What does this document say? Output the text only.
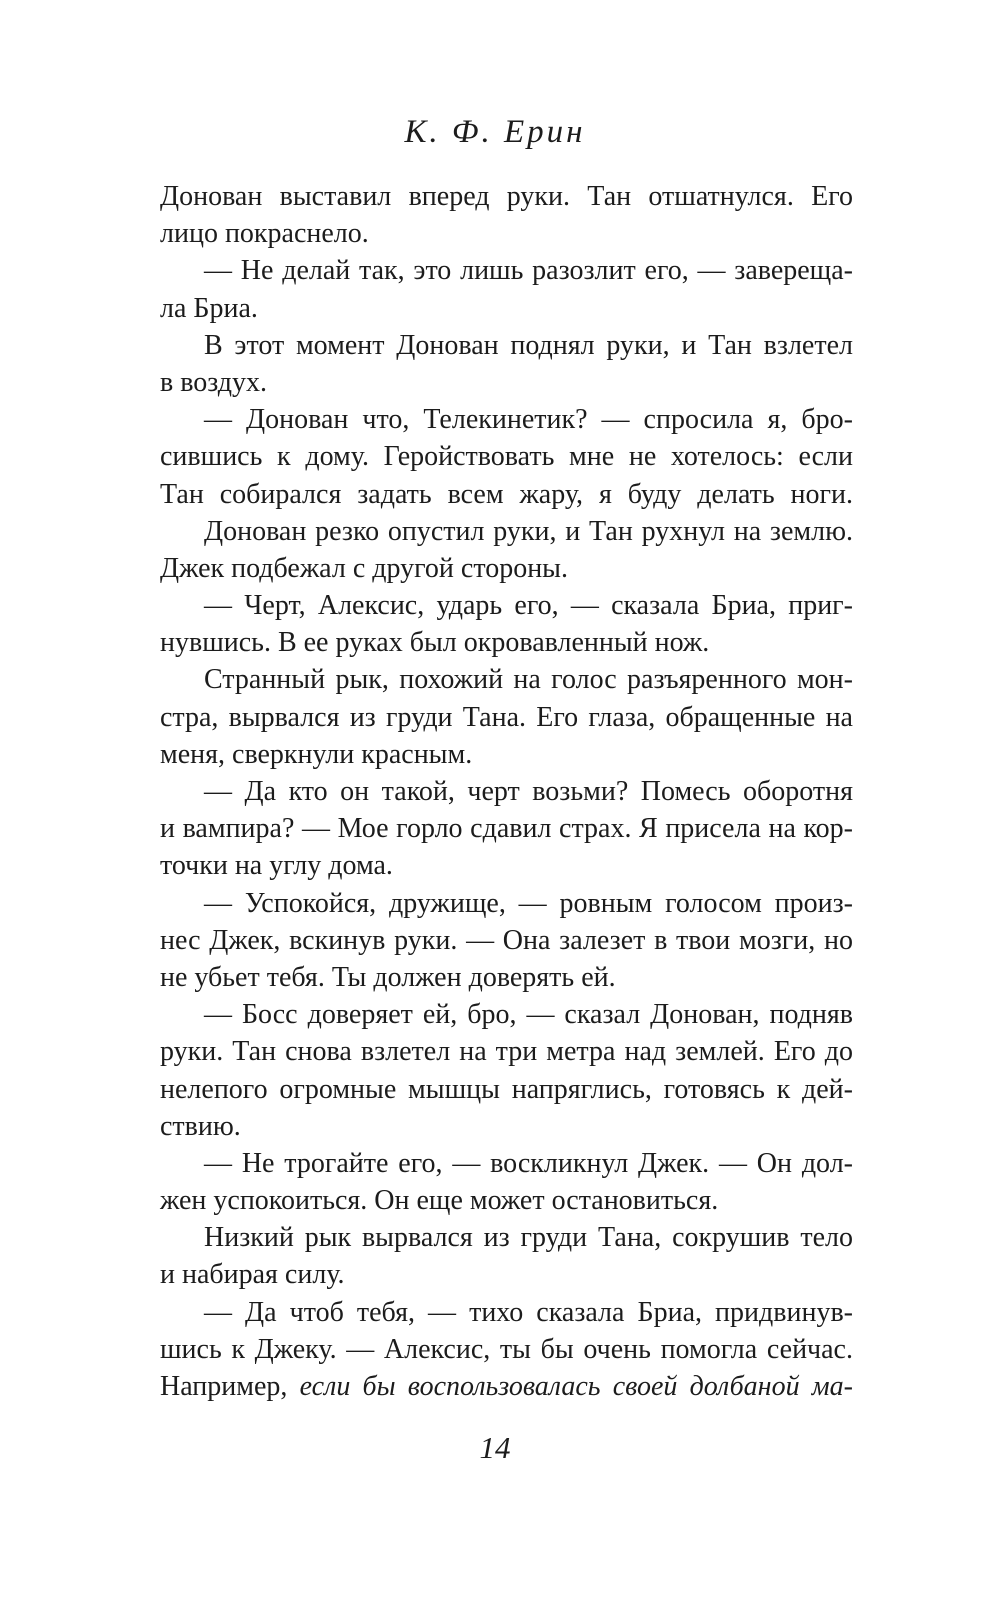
К. Ф. Ерин
Донован выставил вперед руки. Тан отшатнулся. Его
лицо покраснело.
— Не делай так, это лишь разозлит его, — заверещa-
ла Бриа.
В этот момент Донован поднял руки, и Тан взлетел
в воздух.
— Донован что, Телекинетик? — спросила я, бро-
сившись к дому. Геройствовать мне не хотелось: если
Тан собирался задать всем жару, я буду делать ноги.
Донован резко опустил руки, и Тан рухнул на землю.
Джек подбежал с другой стороны.
— Черт, Алексис, ударь его, — сказала Бриа, приг-
нувшись. В ее руках был окровавленный нож.
Странный рык, похожий на голос разъяренного мон-
стра, вырвался из груди Тана. Его глаза, обращенные на
меня, сверкнули красным.
— Да кто он такой, черт возьми? Помесь оборотня
и вампира? — Мое горло сдавил страх. Я присела на кор-
точки на углу дома.
— Успокойся, дружище, — ровным голосом произ-
нес Джек, вскинув руки. — Она залезет в твои мозги, но
не убьет тебя. Ты должен доверять ей.
— Босс доверяет ей, бро, — сказал Донован, подняв
руки. Тан снова взлетел на три метра над землей. Его до
нелепого огромные мышцы напряглись, готовясь к дей-
ствию.
— Не трогайте его, — воскликнул Джек. — Он дол-
жен успокоиться. Он еще может остановиться.
Низкий рык вырвался из груди Тана, сокрушив тело
и набирая силу.
— Да чтоб тебя, — тихо сказала Бриа, придвинув-
шись к Джеку. — Алексис, ты бы очень помогла сейчас.
Например, если бы воспользовалась своей долбаной ма-
14
